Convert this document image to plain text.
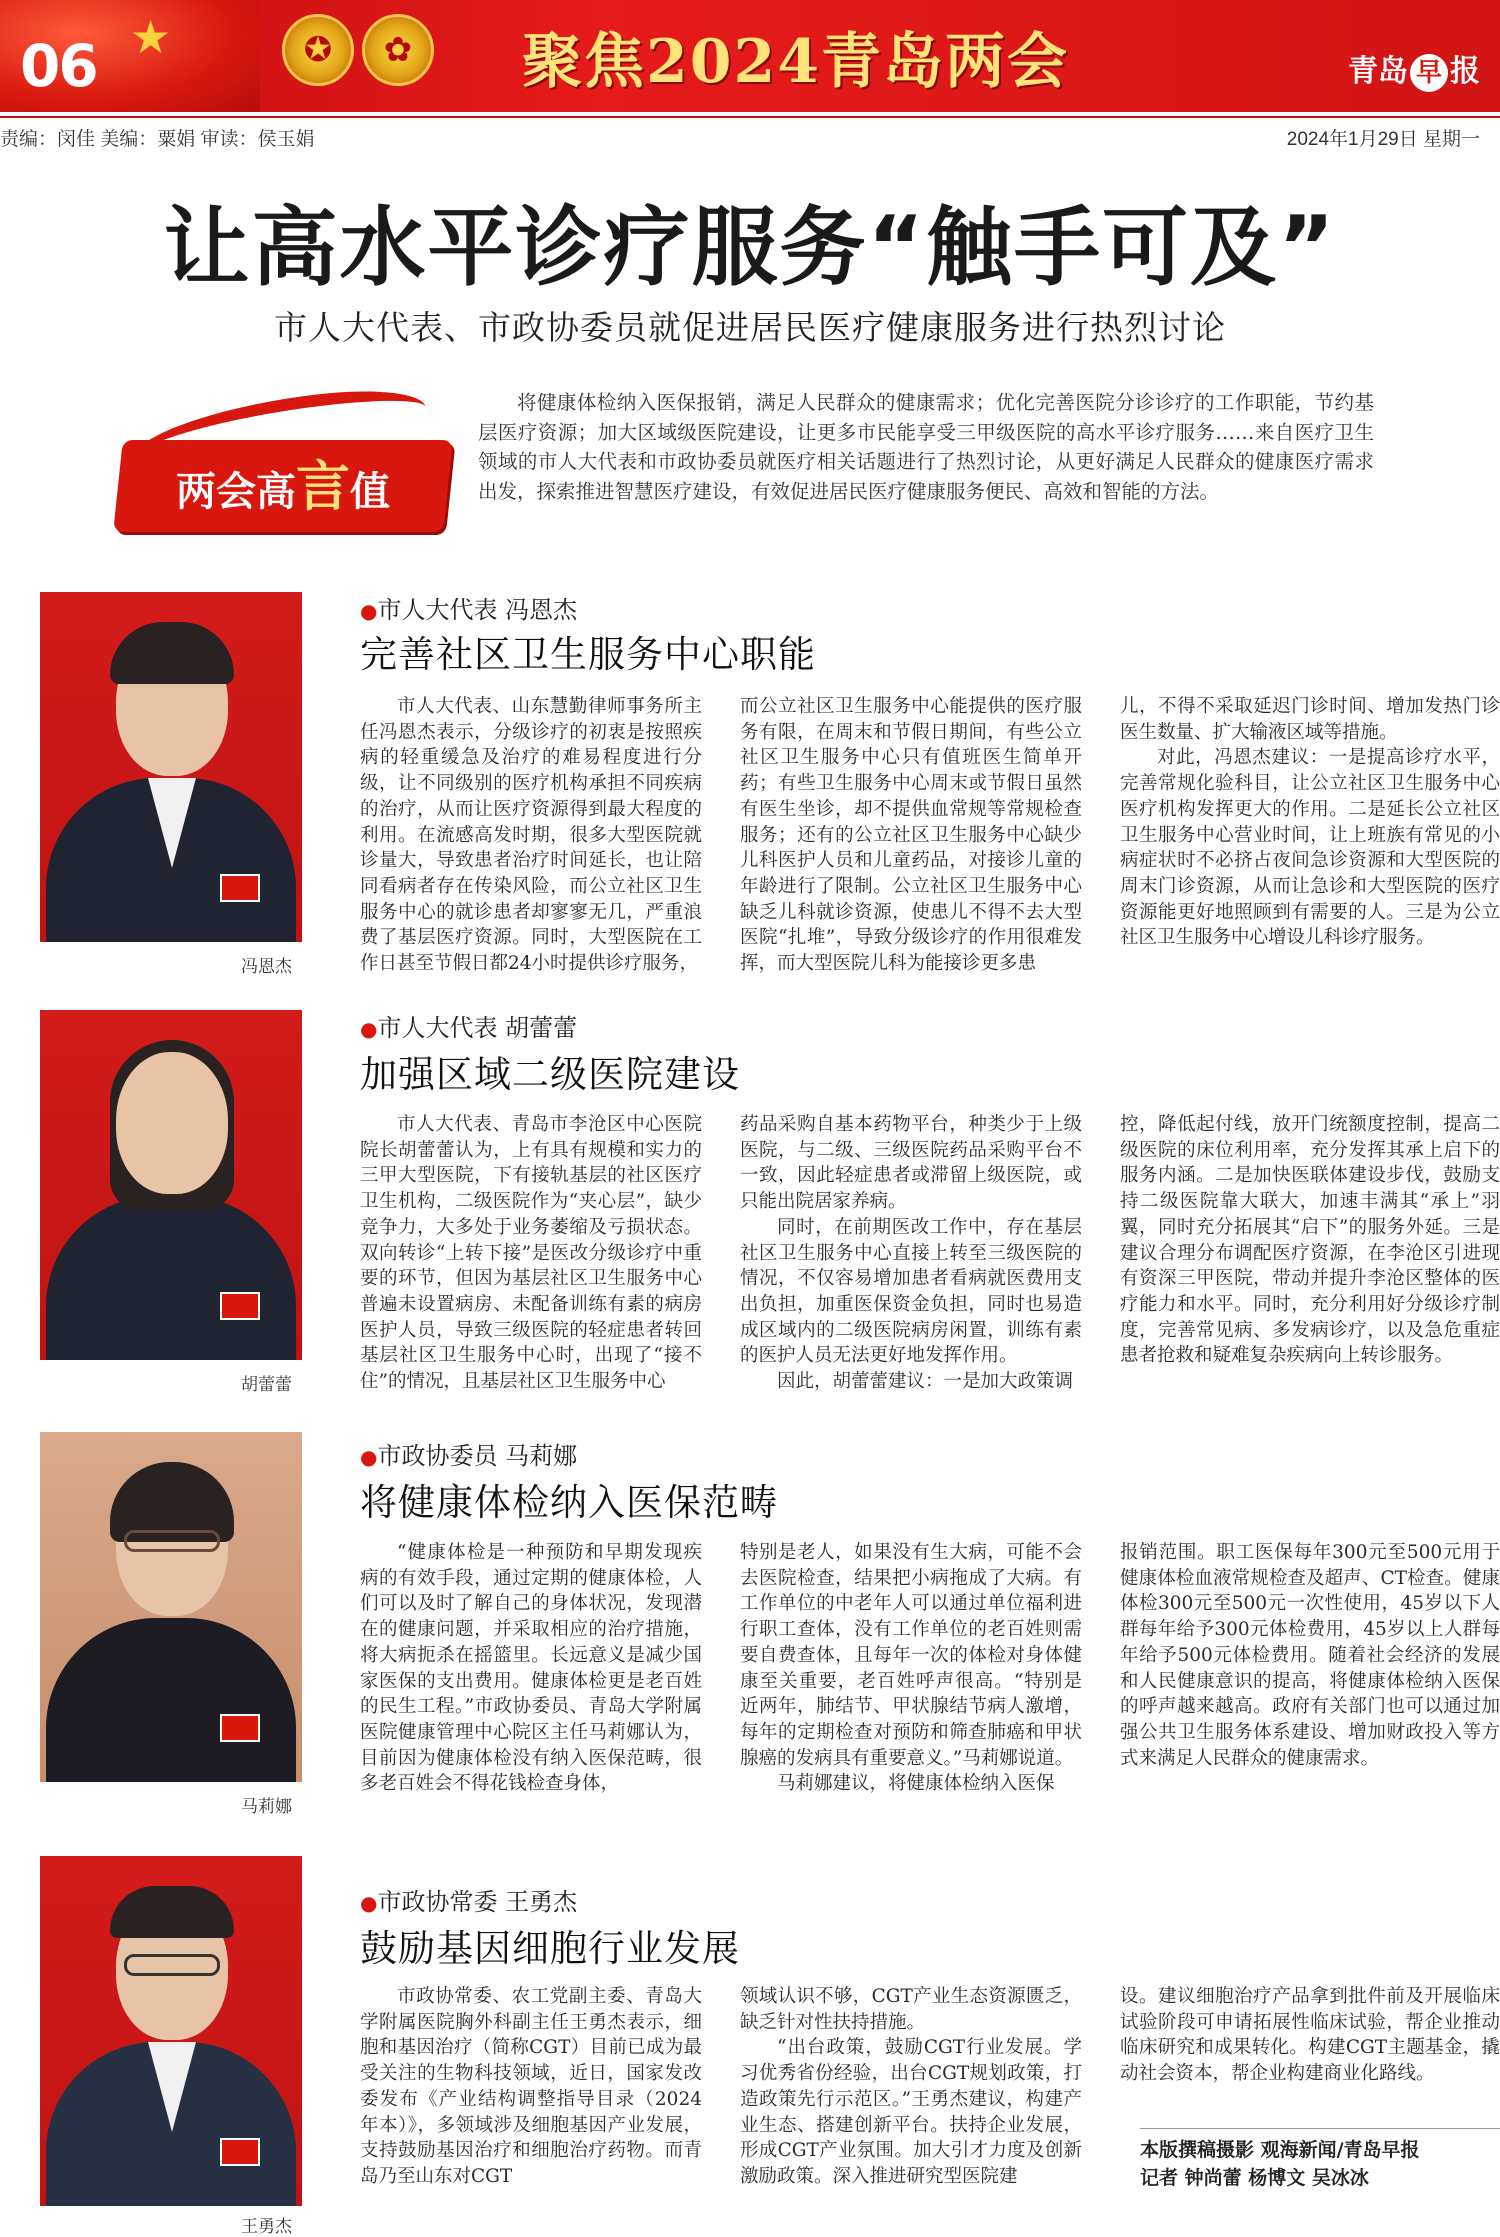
★
06	✪	✿	聚焦2024青岛两会	青岛 早 报
责编：闵佳 美编：粟娟 审读：侯玉娟	2024年1月29日 星期一
让高水平诊疗服务“触手可及”
市人大代表、市政协委员就促进居民医疗健康服务进行热烈讨论
两会高言值
将健康体检纳入医保报销，满足人民群众的健康需求；优化完善医院分诊诊疗的工作职能，节约基层医疗资源；加大区域级医院建设，让更多市民能享受三甲级医院的高水平诊疗服务……来自医疗卫生领域的市人大代表和市政协委员就医疗相关话题进行了热烈讨论，从更好满足人民群众的健康医疗需求出发，探索推进智慧医疗建设，有效促进居民医疗健康服务便民、高效和智能的方法。
冯恩杰
●市人大代表 冯恩杰
完善社区卫生服务中心职能

市人大代表、山东慧勤律师事务所主任冯恩杰表示，分级诊疗的初衷是按照疾病的轻重缓急及治疗的难易程度进行分级，让不同级别的医疗机构承担不同疾病的治疗，从而让医疗资源得到最大程度的利用。在流感高发时期，很多大型医院就诊量大，导致患者治疗时间延长，也让陪同看病者存在传染风险，而公立社区卫生服务中心的就诊患者却寥寥无几，严重浪费了基层医疗资源。同时，大型医院在工作日甚至节假日都24小时提供诊疗服务，

而公立社区卫生服务中心能提供的医疗服务有限，在周末和节假日期间，有些公立社区卫生服务中心只有值班医生简单开药；有些卫生服务中心周末或节假日虽然有医生坐诊，却不提供血常规等常规检查服务；还有的公立社区卫生服务中心缺少儿科医护人员和儿童药品，对接诊儿童的年龄进行了限制。公立社区卫生服务中心缺乏儿科就诊资源，使患儿不得不去大型医院“扎堆”，导致分级诊疗的作用很难发挥，而大型医院儿科为能接诊更多患

儿，不得不采取延迟门诊时间、增加发热门诊医生数量、扩大输液区域等措施。

对此，冯恩杰建议：一是提高诊疗水平，完善常规化验科目，让公立社区卫生服务中心医疗机构发挥更大的作用。二是延长公立社区卫生服务中心营业时间，让上班族有常见的小病症状时不必挤占夜间急诊资源和大型医院的周末门诊资源，从而让急诊和大型医院的医疗资源能更好地照顾到有需要的人。三是为公立社区卫生服务中心增设儿科诊疗服务。

胡蕾蕾
●市人大代表 胡蕾蕾
加强区域二级医院建设

市人大代表、青岛市李沧区中心医院院长胡蕾蕾认为，上有具有规模和实力的三甲大型医院，下有接轨基层的社区医疗卫生机构，二级医院作为“夹心层”，缺少竞争力，大多处于业务萎缩及亏损状态。双向转诊“上转下接”是医改分级诊疗中重要的环节，但因为基层社区卫生服务中心普遍未设置病房、未配备训练有素的病房医护人员，导致三级医院的轻症患者转回基层社区卫生服务中心时，出现了“接不住”的情况，且基层社区卫生服务中心

药品采购自基本药物平台，种类少于上级医院，与二级、三级医院药品采购平台不一致，因此轻症患者或滞留上级医院，或只能出院居家养病。

同时，在前期医改工作中，存在基层社区卫生服务中心直接上转至三级医院的情况，不仅容易增加患者看病就医费用支出负担，加重医保资金负担，同时也易造成区域内的二级医院病房闲置，训练有素的医护人员无法更好地发挥作用。

因此，胡蕾蕾建议：一是加大政策调

控，降低起付线，放开门统额度控制，提高二级医院的床位利用率，充分发挥其承上启下的服务内涵。二是加快医联体建设步伐，鼓励支持二级医院靠大联大，加速丰满其“承上”羽翼，同时充分拓展其“启下”的服务外延。三是建议合理分布调配医疗资源，在李沧区引进现有资深三甲医院，带动并提升李沧区整体的医疗能力和水平。同时，充分利用好分级诊疗制度，完善常见病、多发病诊疗，以及急危重症患者抢救和疑难复杂疾病向上转诊服务。

马莉娜
●市政协委员 马莉娜
将健康体检纳入医保范畴

“健康体检是一种预防和早期发现疾病的有效手段，通过定期的健康体检，人们可以及时了解自己的身体状况，发现潜在的健康问题，并采取相应的治疗措施，将大病扼杀在摇篮里。长远意义是减少国家医保的支出费用。健康体检更是老百姓的民生工程。”市政协委员、青岛大学附属医院健康管理中心院区主任马莉娜认为，目前因为健康体检没有纳入医保范畴，很多老百姓会不得花钱检查身体，

特别是老人，如果没有生大病，可能不会去医院检查，结果把小病拖成了大病。有工作单位的中老年人可以通过单位福利进行职工查体，没有工作单位的老百姓则需要自费查体，且每年一次的体检对身体健康至关重要，老百姓呼声很高。“特别是近两年，肺结节、甲状腺结节病人激增，每年的定期检查对预防和筛查肺癌和甲状腺癌的发病具有重要意义。”马莉娜说道。

马莉娜建议，将健康体检纳入医保

报销范围。职工医保每年300元至500元用于健康体检血液常规检查及超声、CT检查。健康体检300元至500元一次性使用，45岁以下人群每年给予300元体检费用，45岁以上人群每年给予500元体检费用。随着社会经济的发展和人民健康意识的提高，将健康体检纳入医保的呼声越来越高。政府有关部门也可以通过加强公共卫生服务体系建设、增加财政投入等方式来满足人民群众的健康需求。

王勇杰
●市政协常委 王勇杰
鼓励基因细胞行业发展

市政协常委、农工党副主委、青岛大学附属医院胸外科副主任王勇杰表示，细胞和基因治疗（简称CGT）目前已成为最受关注的生物科技领域，近日，国家发改委发布《产业结构调整指导目录（2024年本）》，多领域涉及细胞基因产业发展，支持鼓励基因治疗和细胞治疗药物。而青岛乃至山东对CGT

领域认识不够，CGT产业生态资源匮乏，缺乏针对性扶持措施。

“出台政策，鼓励CGT行业发展。学习优秀省份经验，出台CGT规划政策，打造政策先行示范区。”王勇杰建议，构建产业生态、搭建创新平台。扶持企业发展，形成CGT产业氛围。加大引才力度及创新激励政策。深入推进研究型医院建

设。建议细胞治疗产品拿到批件前及开展临床试验阶段可申请拓展性临床试验，帮企业推动临床研究和成果转化。构建CGT主题基金，撬动社会资本，帮企业构建商业化路线。

本版撰稿摄影 观海新闻/青岛早报
记者 钟尚蕾 杨博文 吴冰冰
